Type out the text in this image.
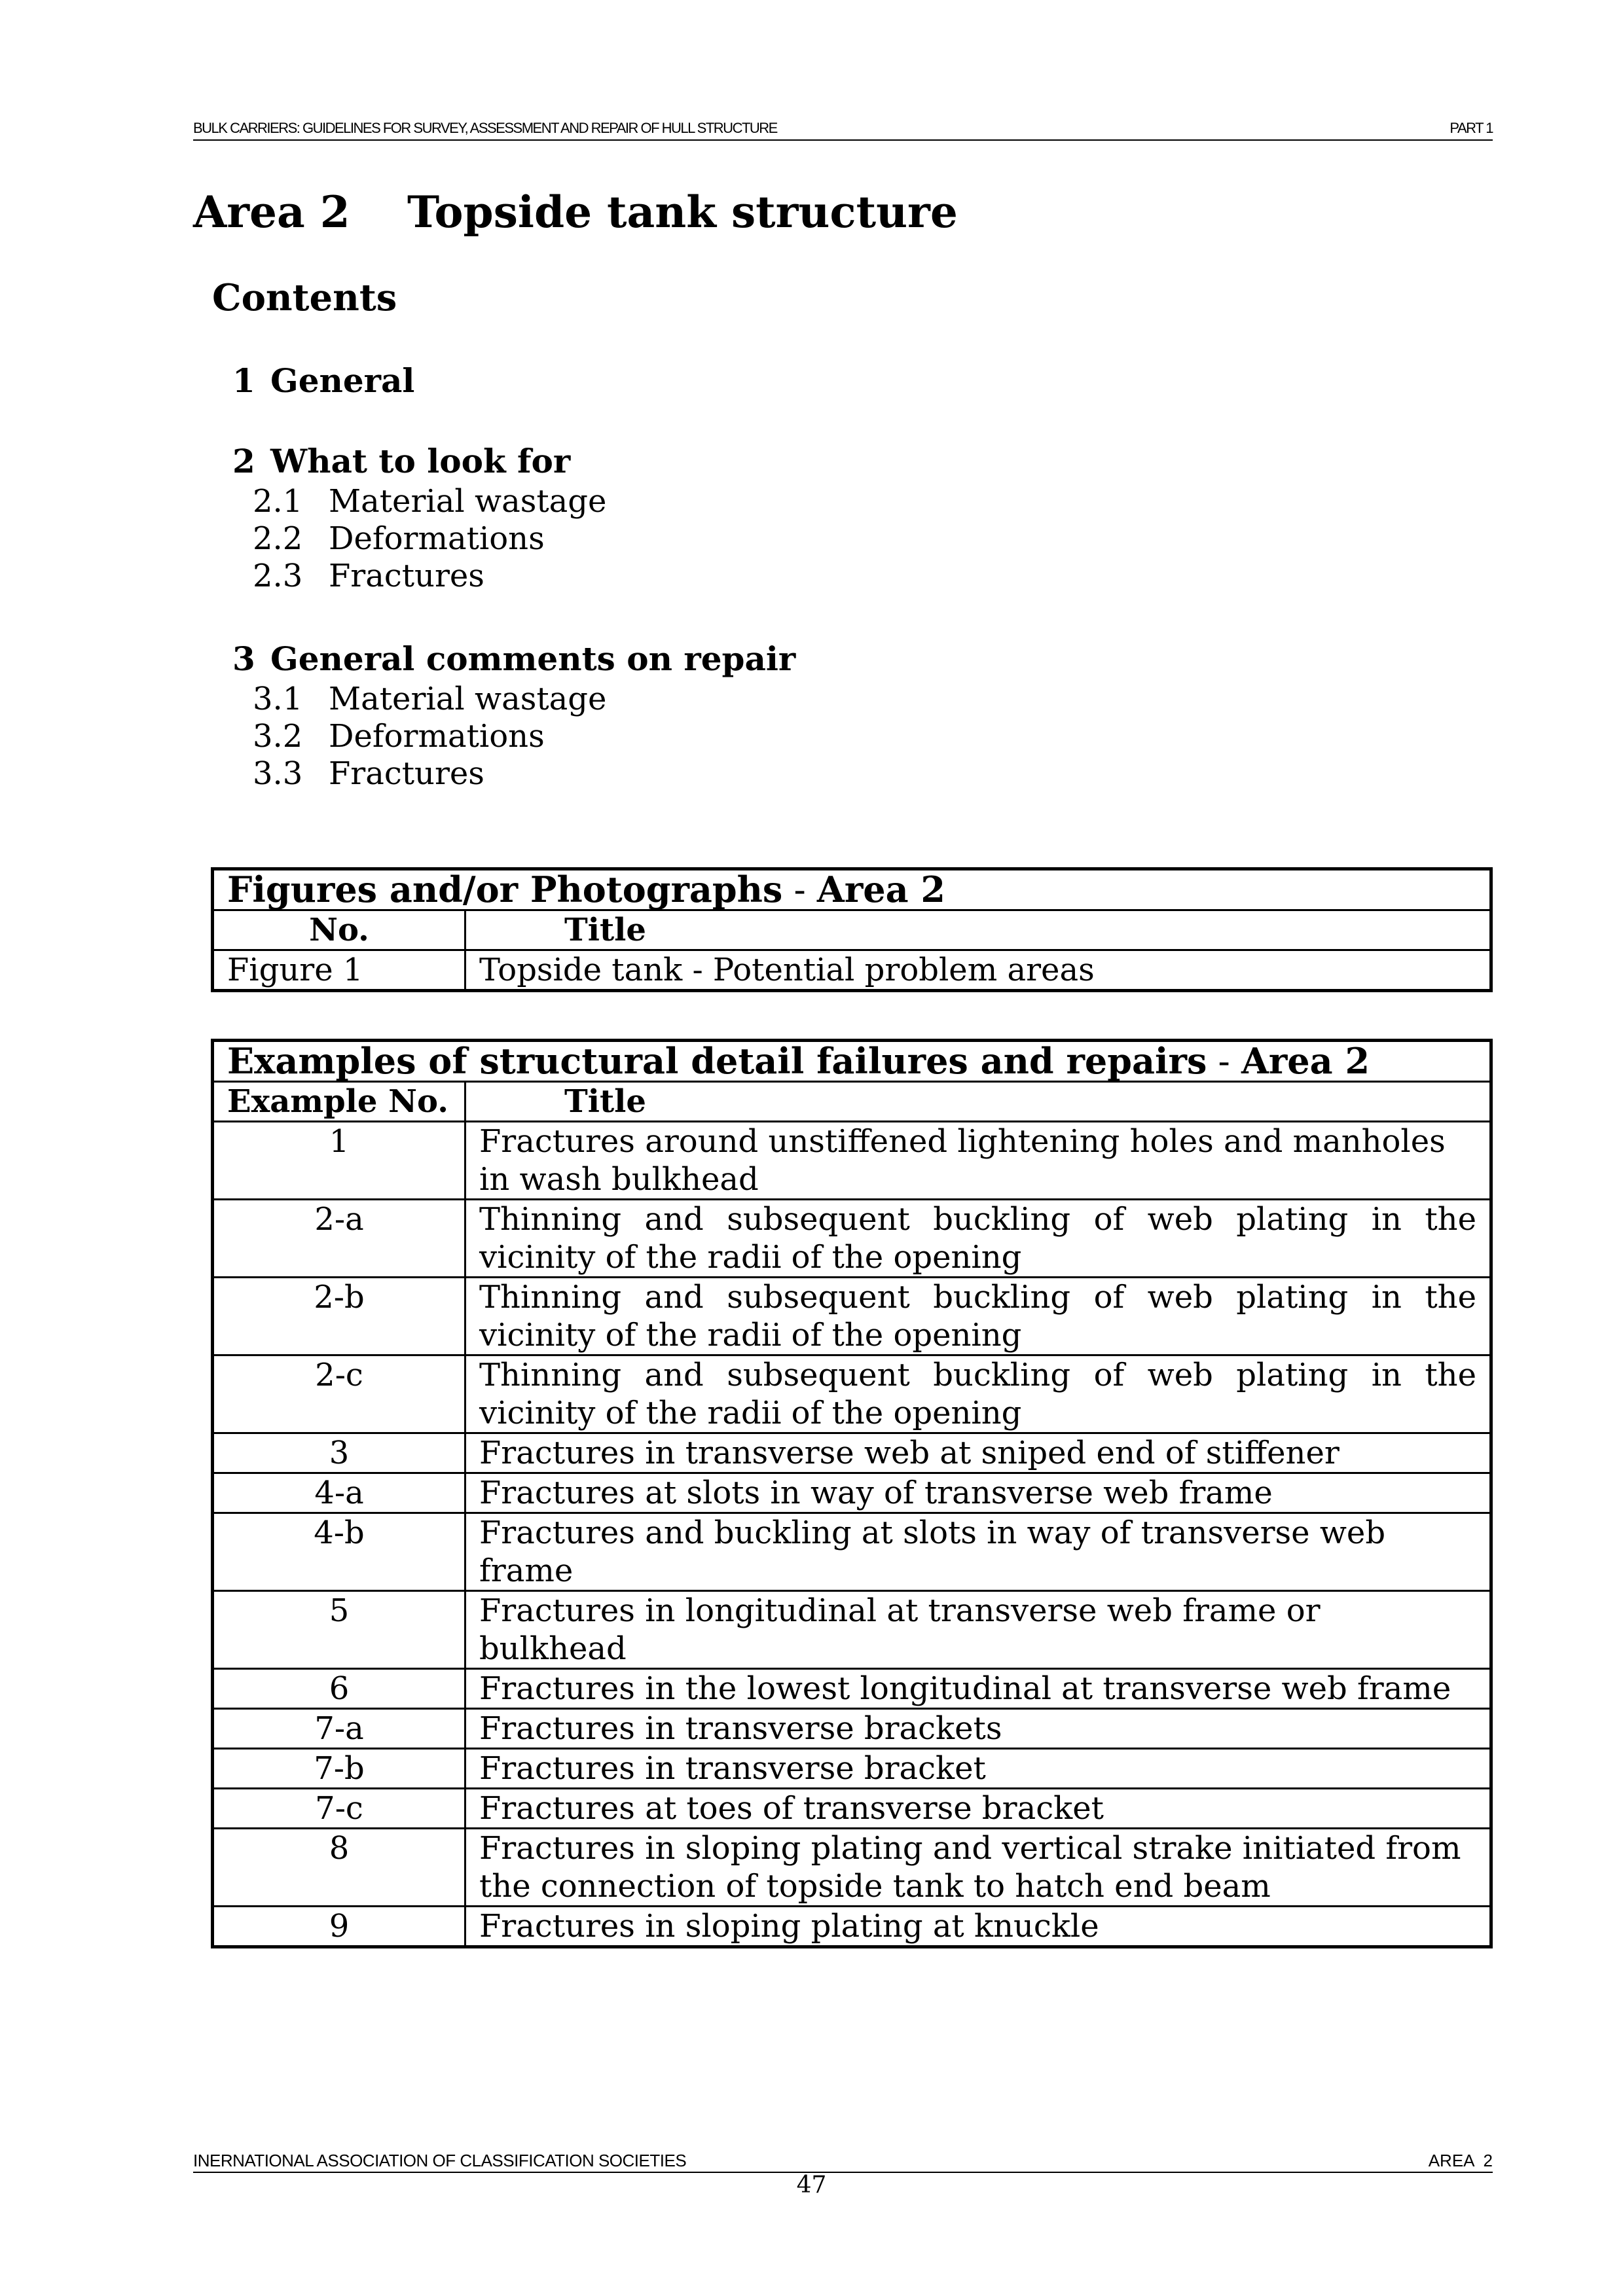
BULK CARRIERS: GUIDELINES FOR SURVEY, ASSESSMENT AND REPAIR OF HULL STRUCTURE	PART 1
Area 2 Topside tank structure
Contents
1 General
2 What to look for
2.1 Material wastage
2.2 Deformations
2.3 Fractures
3 General comments on repair
3.1 Material wastage
3.2 Deformations
3.3 Fractures
Figures and/or Photographs - Area 2	
No.	Title
Figure 1	Topside tank - Potential problem areas
Examples of structural detail failures and repairs - Area 2	
Example No.	Title
1	Fractures around unstiffened lightening holes and manholes in wash bulkhead
2-a	Thinning and subsequent buckling of web plating in the vicinity of the radii of the opening
2-b	Thinning and subsequent buckling of web plating in the vicinity of the radii of the opening
2-c	Thinning and subsequent buckling of web plating in the vicinity of the radii of the opening
3	Fractures in transverse web at sniped end of stiffener
4-a	Fractures at slots in way of transverse web frame
4-b	Fractures and buckling at slots in way of transverse web frame
5	Fractures in longitudinal at transverse web frame or bulkhead
6	Fractures in the lowest longitudinal at transverse web frame
7-a	Fractures in transverse brackets
7-b	Fractures in transverse bracket
7-c	Fractures at toes of transverse bracket
8	Fractures in sloping plating and vertical strake initiated from the connection of topside tank to hatch end beam
9	Fractures in sloping plating at knuckle
INERNATIONAL ASSOCIATION OF CLASSIFICATION SOCIETIES	AREA  2
47
